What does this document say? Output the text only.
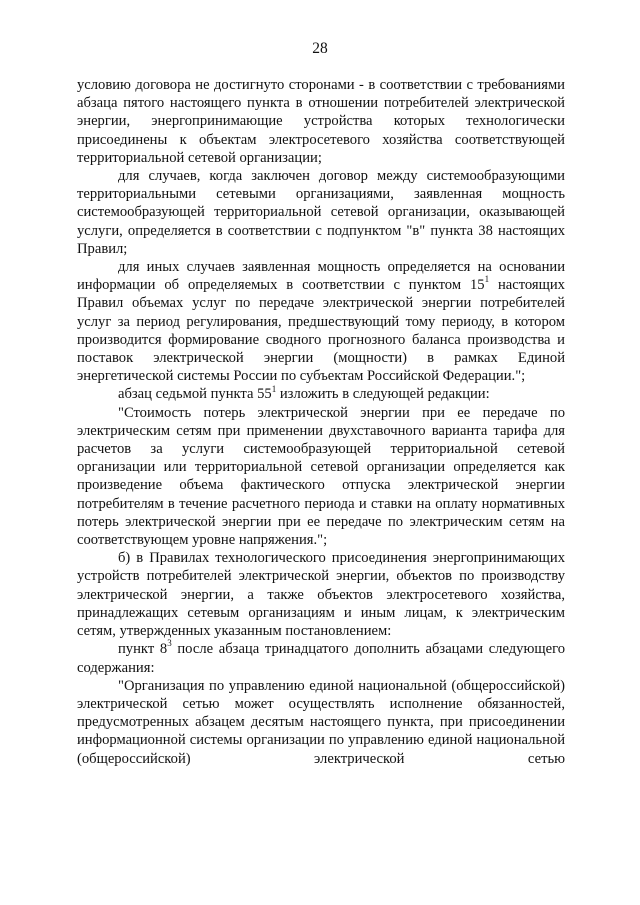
28

условию договора не достигнуто сторонами - в соответствии с требованиями абзаца пятого настоящего пункта в отношении потребителей электрической энергии, энергопринимающие устройства которых технологически присоединены к объектам электросетевого хозяйства соответствующей территориальной сетевой организации;

для случаев, когда заключен договор между системообразующими территориальными сетевыми организациями, заявленная мощность системообразующей территориальной сетевой организации, оказывающей услуги, определяется в соответствии с подпунктом "в" пункта 38 настоящих Правил;

для иных случаев заявленная мощность определяется на основании информации об определяемых в соответствии с пунктом $15^1$ настоящих Правил объемах услуг по передаче электрической энергии потребителей услуг за период регулирования, предшествующий тому периоду, в котором производится формирование сводного прогнозного баланса производства и поставок электрической энергии (мощности) в рамках Единой энергетической системы России по субъектам Российской Федерации.";

абзац седьмой пункта $55^1$ изложить в следующей редакции:

"Стоимость потерь электрической энергии при ее передаче по электрическим сетям при применении двухставочного варианта тарифа для расчетов за услуги системообразующей территориальной сетевой организации или территориальной сетевой организации определяется как произведение объема фактического отпуска электрической энергии потребителям в течение расчетного периода и ставки на оплату нормативных потерь электрической энергии при ее передаче по электрическим сетям на соответствующем уровне напряжения.";

б) в Правилах технологического присоединения энергопринимающих устройств потребителей электрической энергии, объектов по производству электрической энергии, а также объектов электросетевого хозяйства, принадлежащих сетевым организациям и иным лицам, к электрическим сетям, утвержденных указанным постановлением:

пункт $8^3$ после абзаца тринадцатого дополнить абзацами следующего содержания:

"Организация по управлению единой национальной (общероссийской) электрической сетью может осуществлять исполнение обязанностей, предусмотренных абзацем десятым настоящего пункта, при присоединении информационной системы организации по управлению единой национальной (общероссийской) электрической сетью
